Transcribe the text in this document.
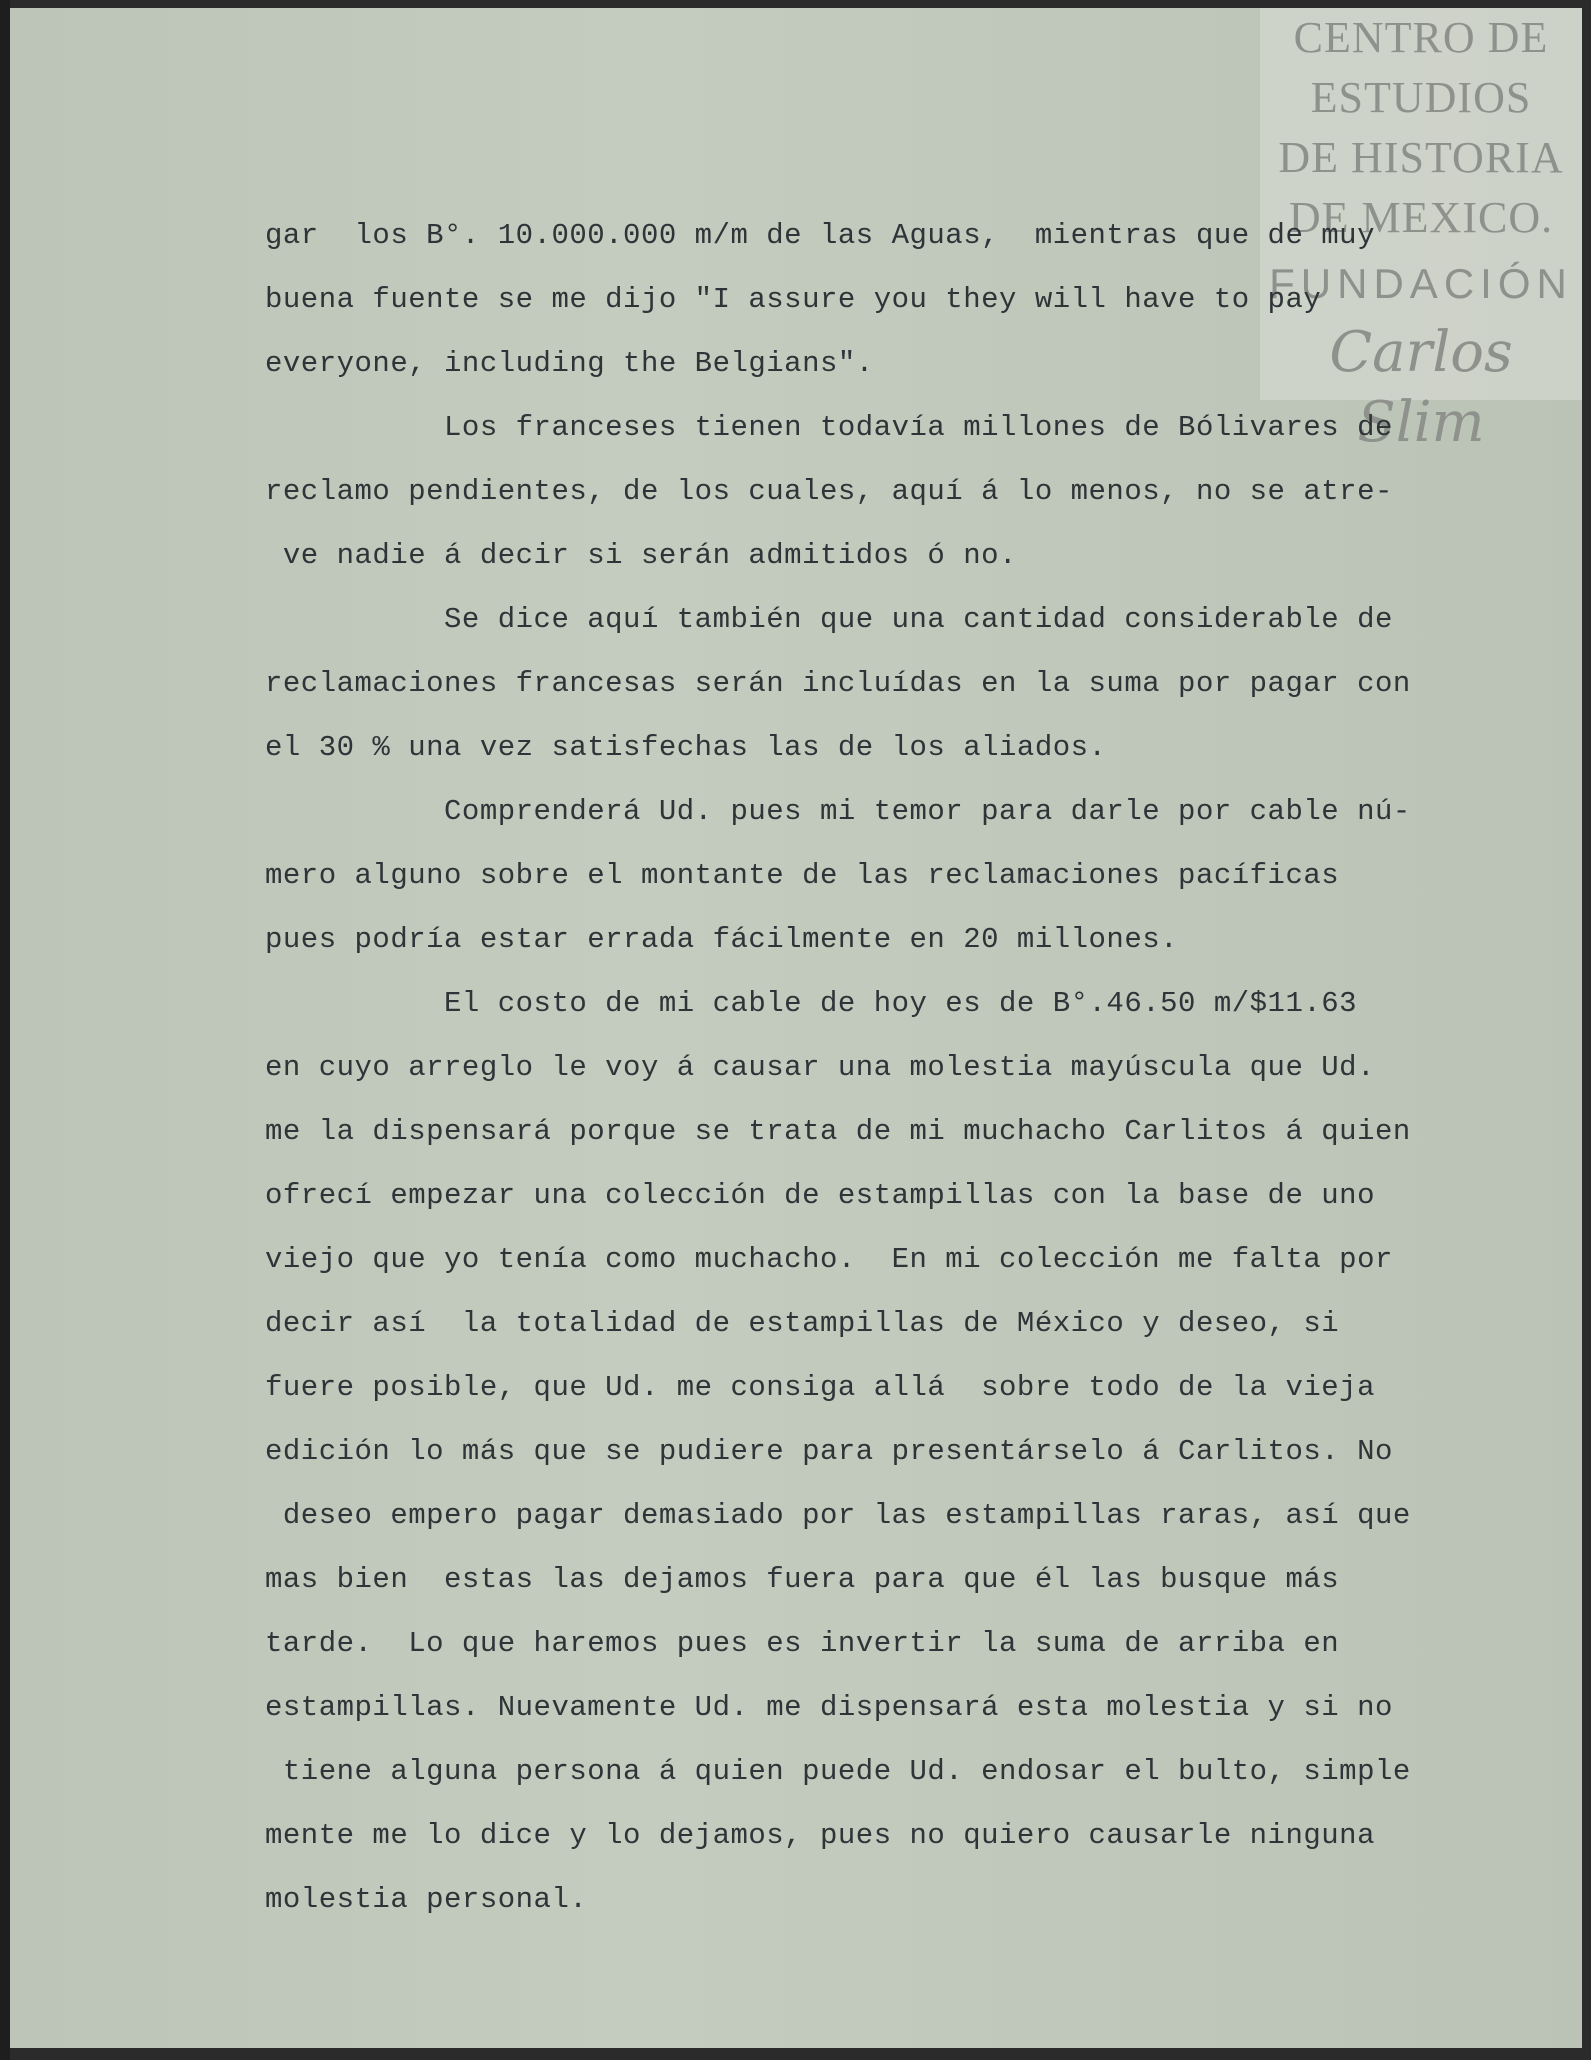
CENTRO DE
ESTUDIOS
DE HISTORIA
DE MEXICO.
FUNDACIÓN
Carlos Slim
gar  los B°. 10.000.000 m/m de las Aguas,  mientras que de muy
buena fuente se me dijo "I assure you they will have to pay
everyone, including the Belgians".
Los franceses tienen todavía millones de Bólivares de
reclamo pendientes, de los cuales, aquí á lo menos, no se atre-
ve nadie á decir si serán admitidos ó no.
Se dice aquí también que una cantidad considerable de
reclamaciones francesas serán incluídas en la suma por pagar con
el 30 % una vez satisfechas las de los aliados.
Comprenderá Ud. pues mi temor para darle por cable nú-
mero alguno sobre el montante de las reclamaciones pacíficas
pues podría estar errada fácilmente en 20 millones.
El costo de mi cable de hoy es de B°.46.50 m/$11.63
en cuyo arreglo le voy á causar una molestia mayúscula que Ud.
me la dispensará porque se trata de mi muchacho Carlitos á quien
ofrecí empezar una colección de estampillas con la base de uno
viejo que yo tenía como muchacho.  En mi colección me falta por
decir así  la totalidad de estampillas de México y deseo, si
fuere posible, que Ud. me consiga allá  sobre todo de la vieja
edición lo más que se pudiere para presentárselo á Carlitos. No
deseo empero pagar demasiado por las estampillas raras, así que
mas bien  estas las dejamos fuera para que él las busque más
tarde.  Lo que haremos pues es invertir la suma de arriba en
estampillas. Nuevamente Ud. me dispensará esta molestia y si no
tiene alguna persona á quien puede Ud. endosar el bulto, simple
mente me lo dice y lo dejamos, pues no quiero causarle ninguna
molestia personal.
